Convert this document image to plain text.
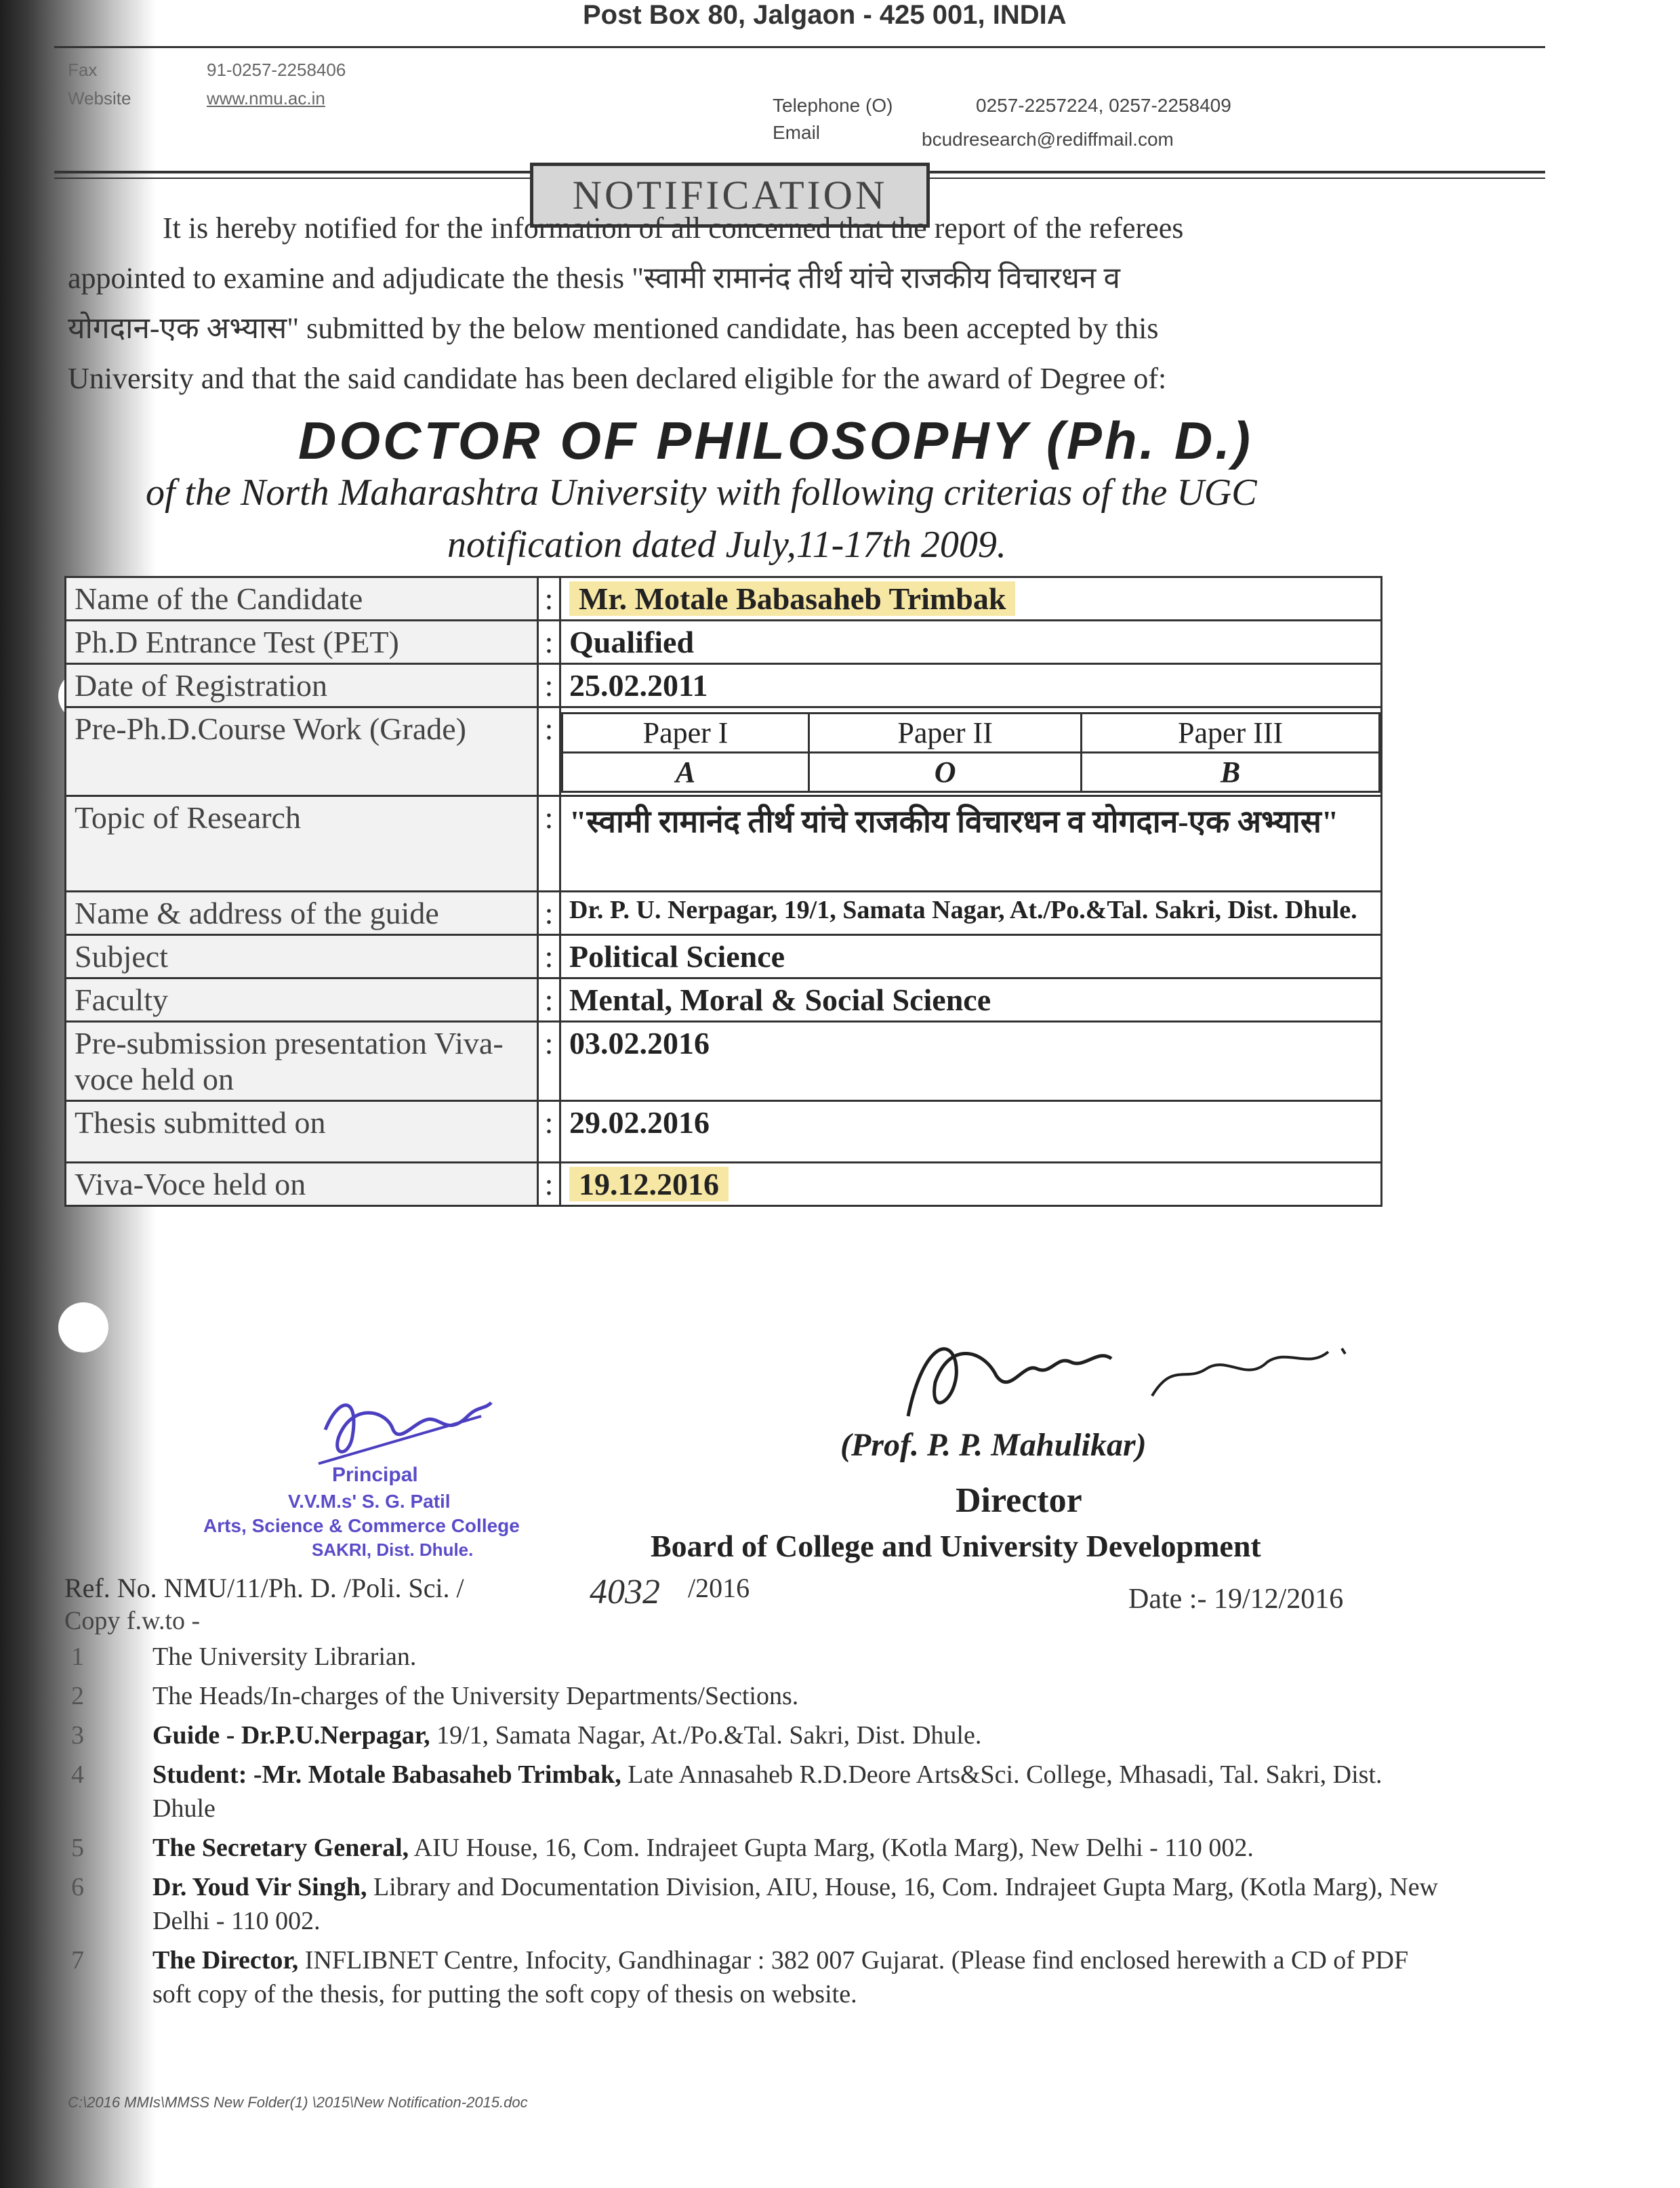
Post Box 80, Jalgaon - 425 001, INDIA
Fax	91-0257-2258406
Website	www.nmu.ac.in	Telephone (O)	0257-2257224, 0257-2258409
Email	bcudresearch@rediffmail.com
NOTIFICATION

It is hereby notified for the information of all concerned that the report of the referees

appointed to examine and adjudicate the thesis "स्वामी रामानंद तीर्थ यांचे राजकीय विचारधन व

योगदान-एक अभ्यास" submitted by the below mentioned candidate, has been accepted by this

University and that the said candidate has been declared eligible for the award of Degree of:

DOCTOR OF PHILOSOPHY (Ph. D.)
of the North Maharashtra University with following criterias of the UGC
notification dated July,11-17th 2009.
Name of the Candidate	:	Mr. Motale Babasaheb Trimbak
Ph.D Entrance Test (PET)	:	Qualified
Date of Registration	:	25.02.2011
Pre-Ph.D.Course Work (Grade)	:		Paper I	Paper II	Paper III
A	O	B

Topic of Research	:	"स्वामी रामानंद तीर्थ यांचे राजकीय विचारधन व योगदान-एक अभ्यास"
Name & address of the guide	:	Dr. P. U. Nerpagar, 19/1, Samata Nagar, At./Po.&Tal. Sakri, Dist. Dhule.
Subject	:	Political Science
Faculty	:	Mental, Moral & Social Science
Pre-submission presentation Viva-voce held on	:	03.02.2016
Thesis submitted on	:	29.02.2016
Viva-Voce held on	:	19.12.2016
Principal
V.V.M.s' S. G. Patil
Arts, Science & Commerce College
SAKRI, Dist. Dhule.
(Prof. P. P. Mahulikar)
Director
Board of College and University Development
Ref. No. NMU/11/Ph. D. /Poli. Sci. /	4032 /2016	Date :- 19/12/2016
Copy f.w.to -
1	The University Librarian.
2	The Heads/In-charges of the University Departments/Sections.
3	Guide - Dr.P.U.Nerpagar, 19/1, Samata Nagar, At./Po.&Tal. Sakri, Dist. Dhule.
4	Student: -Mr. Motale Babasaheb Trimbak, Late Annasaheb R.D.Deore Arts&Sci. College, Mhasadi, Tal. Sakri, Dist. Dhule
5	The Secretary General, AIU House, 16, Com. Indrajeet Gupta Marg, (Kotla Marg), New Delhi - 110 002.
6	Dr. Youd Vir Singh, Library and Documentation Division, AIU, House, 16, Com. Indrajeet Gupta Marg, (Kotla Marg), New Delhi - 110 002.
7	The Director, INFLIBNET Centre, Infocity, Gandhinagar : 382 007 Gujarat. (Please find enclosed herewith a CD of PDF soft copy of the thesis, for putting the soft copy of thesis on website.
C:\2016 MMIs\MMSS New Folder(1) \2015\New Notification-2015.doc
